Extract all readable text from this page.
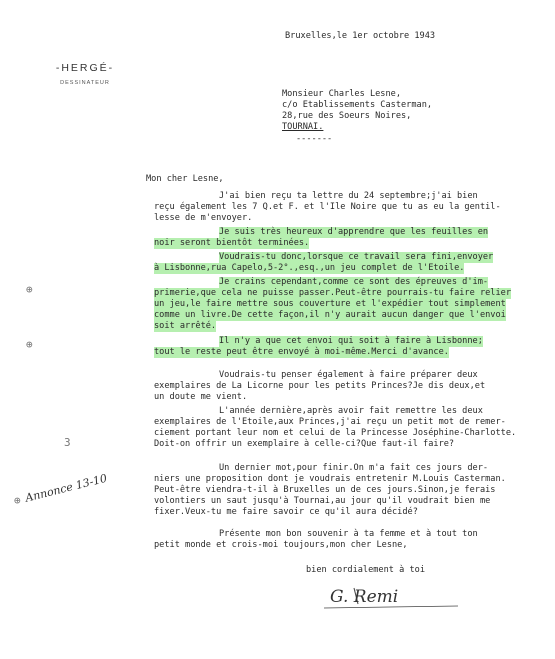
-HERGÉ-
DESSINATEUR
Bruxelles,le 1er octobre 1943
Monsieur Charles Lesne,
c/o Etablissements Casterman,
28,rue des Soeurs Noires,
TOURNAI.
-------
Mon cher Lesne,
J'ai bien reçu ta lettre du 24 septembre;j'ai bien
reçu également les 7 Q.et F. et l'Ile Noire que tu as eu la gentil-
lesse de m'envoyer.
Je suis très heureux d'apprendre que les feuilles en
noir seront bientôt terminées.
Voudrais-tu donc,lorsque ce travail sera fini,envoyer
à Lisbonne,rua Capelo,5-2°.,esq.,un jeu complet de l'Etoile.
Je crains cependant,comme ce sont des épreuves d'im-
primerie,que cela ne puisse passer.Peut-être pourrais-tu faire relier
un jeu,le faire mettre sous couverture et l'expédier tout simplement
comme un livre.De cette façon,il n'y aurait aucun danger que l'envoi
soit arrêté.
Il n'y a que cet envoi qui soit à faire à Lisbonne;
tout le reste peut être envoyé à moi-même.Merci d'avance.
Voudrais-tu penser également à faire préparer deux
exemplaires de La Licorne pour les petits Princes?Je dis deux,et
un doute me vient.
L'année dernière,après avoir fait remettre les deux
exemplaires de l'Etoile,aux Princes,j'ai reçu un petit mot de remer-
ciement portant leur nom et celui de la Princesse Joséphine-Charlotte.
Doit-on offrir un exemplaire à celle-ci?Que faut-il faire?
Un dernier mot,pour finir.On m'a fait ces jours der-
niers une proposition dont je voudrais entretenir M.Louis Casterman.
Peut-être viendra-t-il à Bruxelles un de ces jours.Sinon,je ferais
volontiers un saut jusqu'à Tournai,au jour qu'il voudrait bien me
fixer.Veux-tu me faire savoir ce qu'il aura décidé?
Présente mon bon souvenir à ta femme et à tout ton
petit monde et crois-moi toujours,mon cher Lesne,
bien cordialement à toi
G. Remi
⊕
⊕
3
⊕ Annonce 13-10
